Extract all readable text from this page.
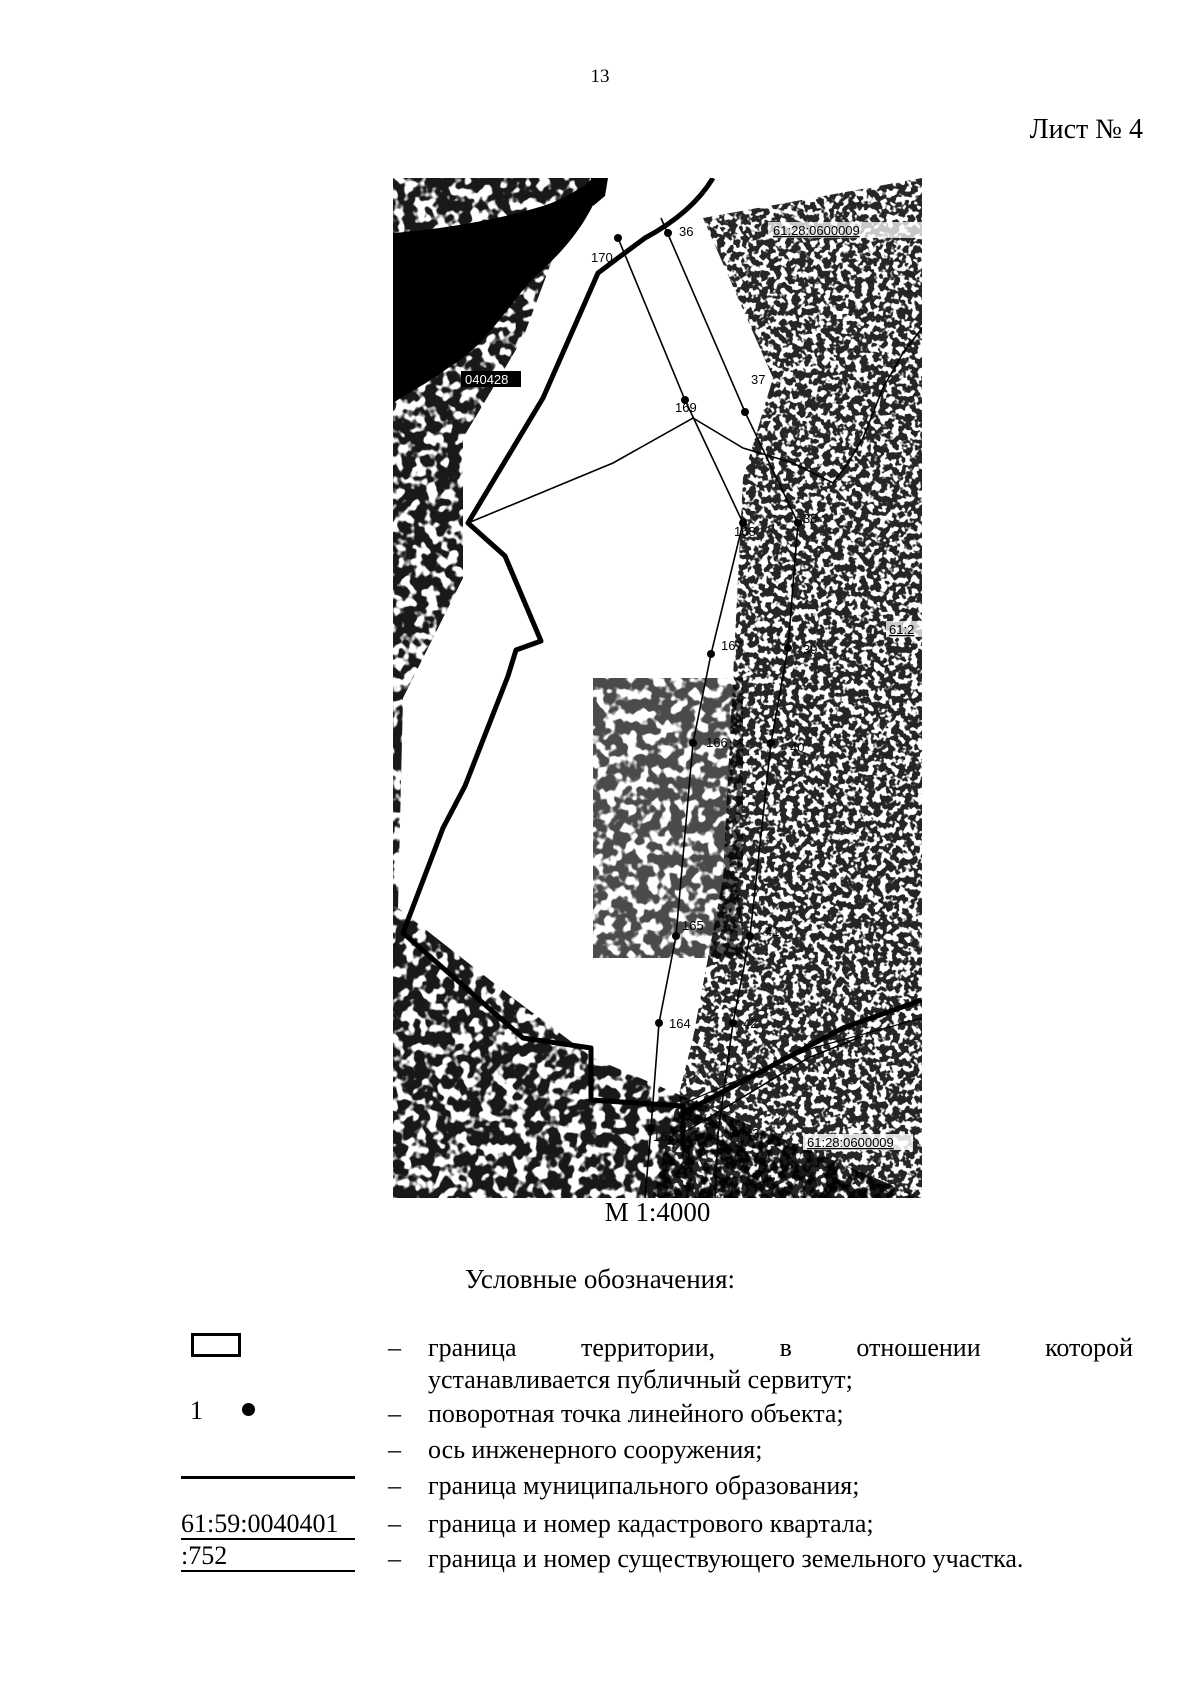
13
Лист № 4
170
169
168
167
166
165
164
163
36
37
38
39
40
41
42
43
61:28:0600009
040428
61:2
61:28:0600009
М 1:4000
Условные обозначения:
1
61:59:0040401
:752
– граница территории, в отношении которой
устанавливается публичный сервитут;
– поворотная точка линейного объекта;
– ось инженерного сооружения;
– граница муниципального образования;
– граница и номер кадастрового квартала;
– граница и номер существующего земельного участка.
